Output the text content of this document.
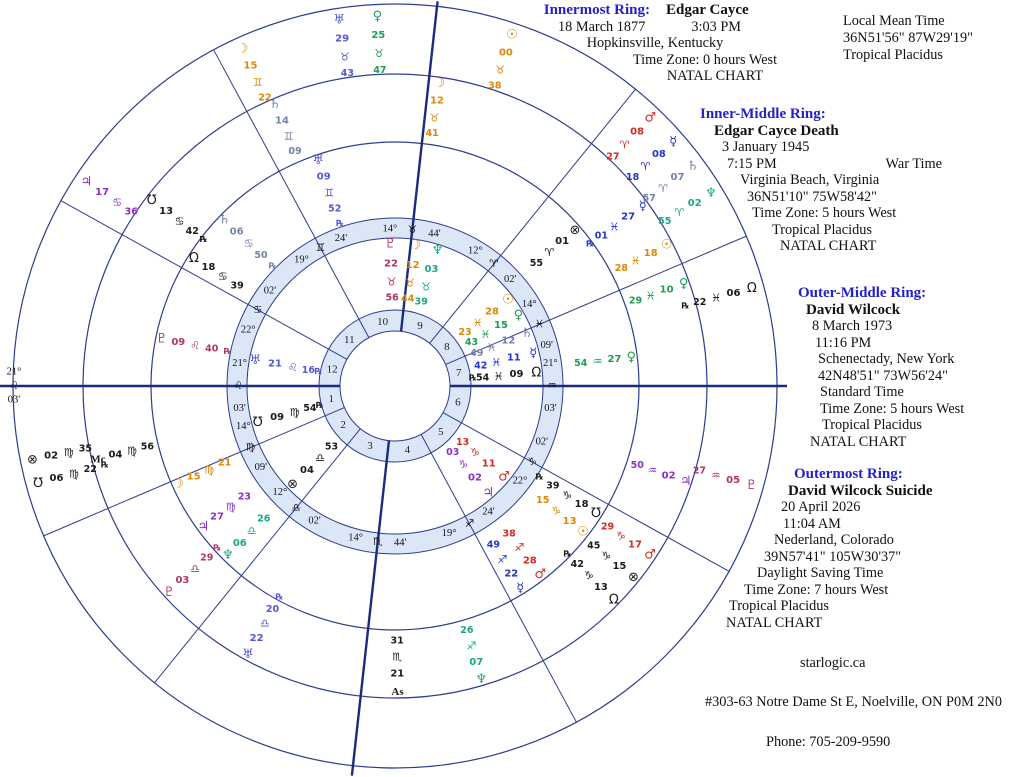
21°
♌
03'
1
14°
♍
09'
2
12°
♎
02'
3
14° ♏ 44'
4
19°
♐
24'
5
22°
♑
02'
6
21°
♒
03'
7
14°
♓
09'
8
12°
♈
02'
9
14° ♉ 44'
10
19°
♊
24'
11
22°
♋
02'
12
21°
♌
03'
☉
28
♓
23
☽
12
♉
44
☿
11
♓
42
♀
15
♓
43
♂
11
♑
13
♃
02
♑
03
♄
12
♓
49
♅ 21 ♌ 16 ℞
♆
03
♉
39
♇
22
♉
56
Ω
09
♓
54
℞
℧ 09 ♍ 54 ℞
⊗
04
♎
53
☉
13
♑
15
☽ 15
♍
21
☿
22
♐
49
♀
27
♒
54
♂
28
♐
38
♃
27
♍
23
♄
06
♋
50
℞
♅
09
♊
52
℞
♆
06
♎
26
♇ 09 ♌ 40 ℞
Ω
18
♋
39
℧
18
♑
39
℞
⊗
01
♈
55
☉
18
♓
28
☽
12
♉
41
☿
27
♓
01
℞
♀
10
♓
29
♂
17
♑
29
♃
02
♒
50
♄
14
♊
09
♅
22
♎
20
℞
♆
07
♐
26
♇
03
♎
29
℞
Ω
13
♑
42
℞
℧
13
♋
42
℞
⊗
15
♑
45
As
21
♏
31
Mc 04 ♍ 56
☉
00
♉
38
☽
15
♊
22
☿
08
♈
18
♀
25
♉
47
♂
08
♈
27
♃
17
♋
36
♄
07
♈
57
♅
29
♉
43
♆
02
♈
55
♇
05
♒
27
Ω
06
♓
22
℞
℧ 06 ♍ 22 ℞
⊗ 02 ♍ 35
Innermost Ring: Edgar Cayce
18 March 1877	3:03 PM
Hopkinsville, Kentucky
Time Zone: 0 hours West
NATAL CHART
Local Mean Time
36N51'56" 87W29'19"
Tropical Placidus
Inner-Middle Ring:
Edgar Cayce Death
3 January 1945
7:15 PM	War Time
Virginia Beach, Virginia
36N51'10" 75W58'42"
Time Zone: 5 hours West
Tropical Placidus
NATAL CHART
Outer-Middle Ring:
David Wilcock
8 March 1973
11:16 PM
Schenectady, New York
42N48'51" 73W56'24"
Standard Time
Time Zone: 5 hours West
Tropical Placidus
NATAL CHART
Outermost Ring:
David Wilcock Suicide
20 April 2026
11:04 AM
Nederland, Colorado
39N57'41" 105W30'37"
Daylight Saving Time
Time Zone: 7 hours West
Tropical Placidus
NATAL CHART
starlogic.ca
#303-63 Notre Dame St E, Noelville, ON P0M 2N0
Phone: 705-209-9590
